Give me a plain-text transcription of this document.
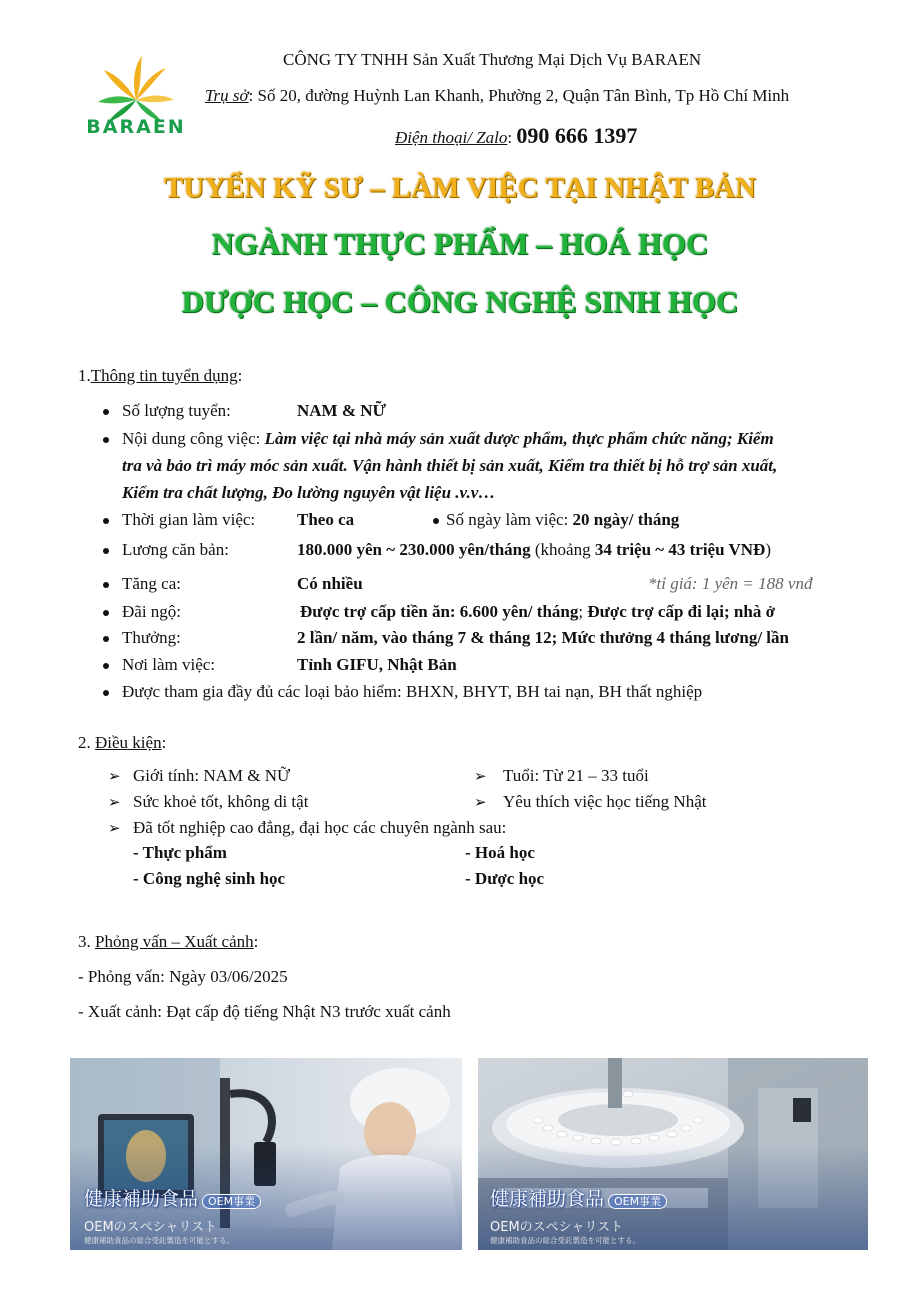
BARAEN
CÔNG TY TNHH Sản Xuất Thương Mại Dịch Vụ BARAEN
Trụ sở: Số 20, đường Huỳnh Lan Khanh, Phường 2, Quận Tân Bình, Tp Hồ Chí Minh
Điện thoại/ Zalo: 090 666 1397
TUYỂN KỸ SƯ – LÀM VIỆC TẠI NHẬT BẢN
NGÀNH THỰC PHẨM – HOÁ HỌC
DƯỢC HỌC – CÔNG NGHỆ SINH HỌC
1.Thông tin tuyển dụng:
Số lượng tuyển:	NAM & NỮ
Nội dung công việc: Làm việc tại nhà máy sản xuất dược phẩm, thực phẩm chức năng; Kiểm
tra và bảo trì máy móc sản xuất. Vận hành thiết bị sản xuất, Kiểm tra thiết bị hỗ trợ sản xuất,
Kiểm tra chất lượng, Đo lường nguyên vật liệu .v.v…
Thời gian làm việc: Theo ca	Số ngày làm việc: 20 ngày/ tháng
Lương căn bản:	180.000 yên ~ 230.000 yên/tháng (khoảng 34 triệu ~ 43 triệu VNĐ)
Tăng ca:	Có nhiều	*tỉ giá: 1 yên = 188 vnđ
Đãi ngộ:	Được trợ cấp tiền ăn: 6.600 yên/ tháng; Được trợ cấp đi lại; nhà ở
Thưởng:	2 lần/ năm, vào tháng 7 & tháng 12; Mức thưởng 4 tháng lương/ lần
Nơi làm việc:	Tỉnh GIFU, Nhật Bản
Được tham gia đầy đủ các loại bảo hiểm: BHXN, BHYT, BH tai nạn, BH thất nghiệp
2. Điều kiện:
➢ Giới tính: NAM & NỮ	➢ Tuổi: Từ 21 – 33 tuổi
➢ Sức khoẻ tốt, không di tật	➢ Yêu thích việc học tiếng Nhật
➢ Đã tốt nghiệp cao đẳng, đại học các chuyên ngành sau:
- Thực phẩm	- Hoá học
- Công nghệ sinh học	- Dược học
3. Phỏng vấn – Xuất cảnh:
- Phỏng vấn: Ngày 03/06/2025
- Xuất cảnh: Đạt cấp độ tiếng Nhật N3 trước xuất cảnh
健康補助食品 OEM事業
OEMのスペシャリスト
健康補助食品の総合受託製造を可能とする。
健康補助食品 OEM事業
OEMのスペシャリスト
健康補助食品の総合受託製造を可能とする。
